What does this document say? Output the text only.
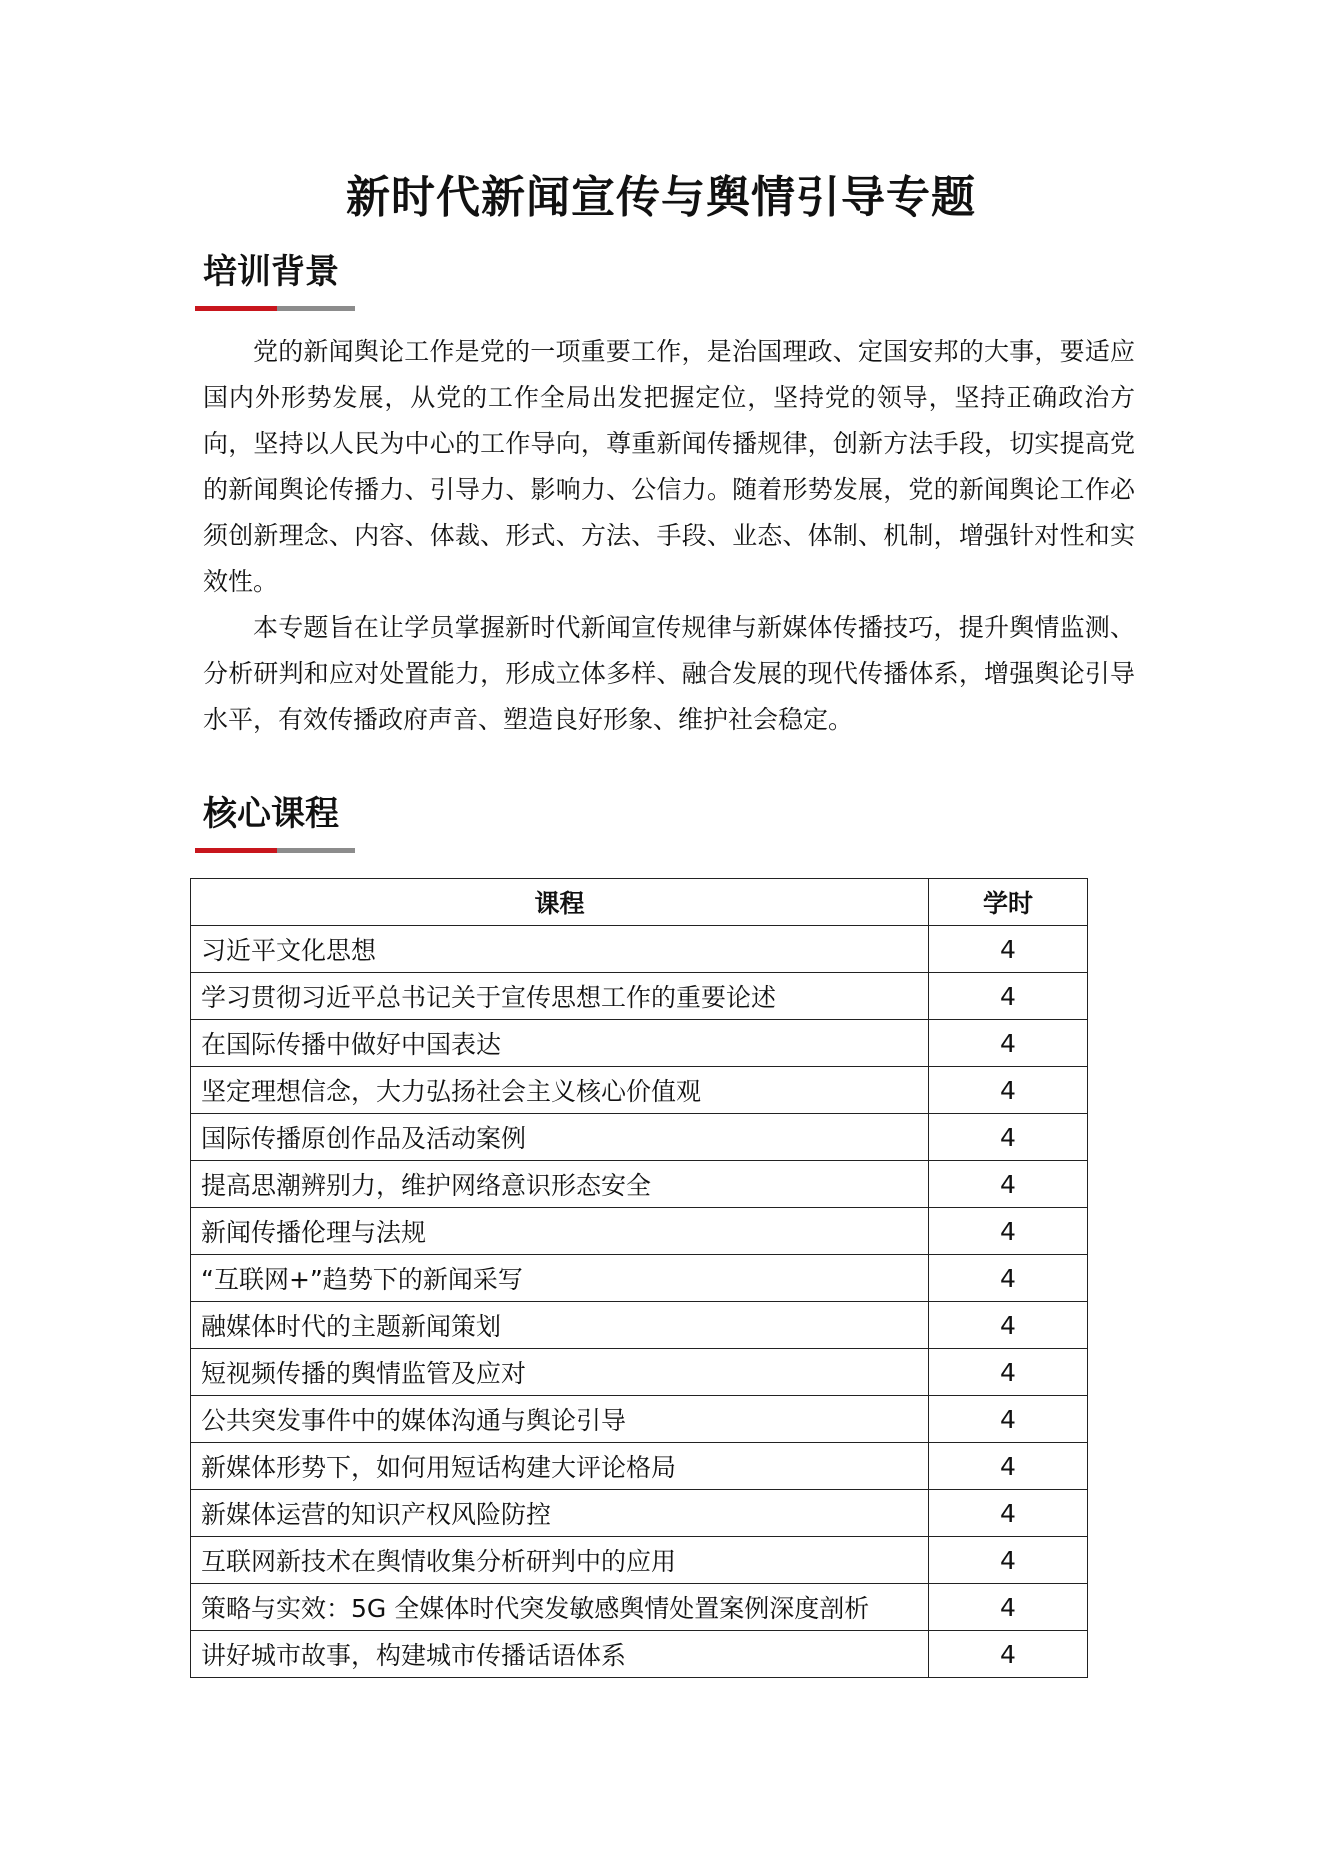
新时代新闻宣传与舆情引导专题
培训背景

党的新闻舆论工作是党的一项重要工作，是治国理政、定国安邦的大事，要适应国内外形势发展，从党的工作全局出发把握定位，坚持党的领导，坚持正确政治方向，坚持以人民为中心的工作导向，尊重新闻传播规律，创新方法手段，切实提高党的新闻舆论传播力、引导力、影响力、公信力。随着形势发展，党的新闻舆论工作必须创新理念、内容、体裁、形式、方法、手段、业态、体制、机制，增强针对性和实效性。

本专题旨在让学员掌握新时代新闻宣传规律与新媒体传播技巧，提升舆情监测、分析研判和应对处置能力，形成立体多样、融合发展的现代传播体系，增强舆论引导水平，有效传播政府声音、塑造良好形象、维护社会稳定。

核心课程
课程	学时
习近平文化思想	4
学习贯彻习近平总书记关于宣传思想工作的重要论述	4
在国际传播中做好中国表达	4
坚定理想信念，大力弘扬社会主义核心价值观	4
国际传播原创作品及活动案例	4
提高思潮辨别力，维护网络意识形态安全	4
新闻传播伦理与法规	4
“互联网+”趋势下的新闻采写	4
融媒体时代的主题新闻策划	4
短视频传播的舆情监管及应对	4
公共突发事件中的媒体沟通与舆论引导	4
新媒体形势下，如何用短话构建大评论格局	4
新媒体运营的知识产权风险防控	4
互联网新技术在舆情收集分析研判中的应用	4
策略与实效：5G 全媒体时代突发敏感舆情处置案例深度剖析	4
讲好城市故事，构建城市传播话语体系	4
